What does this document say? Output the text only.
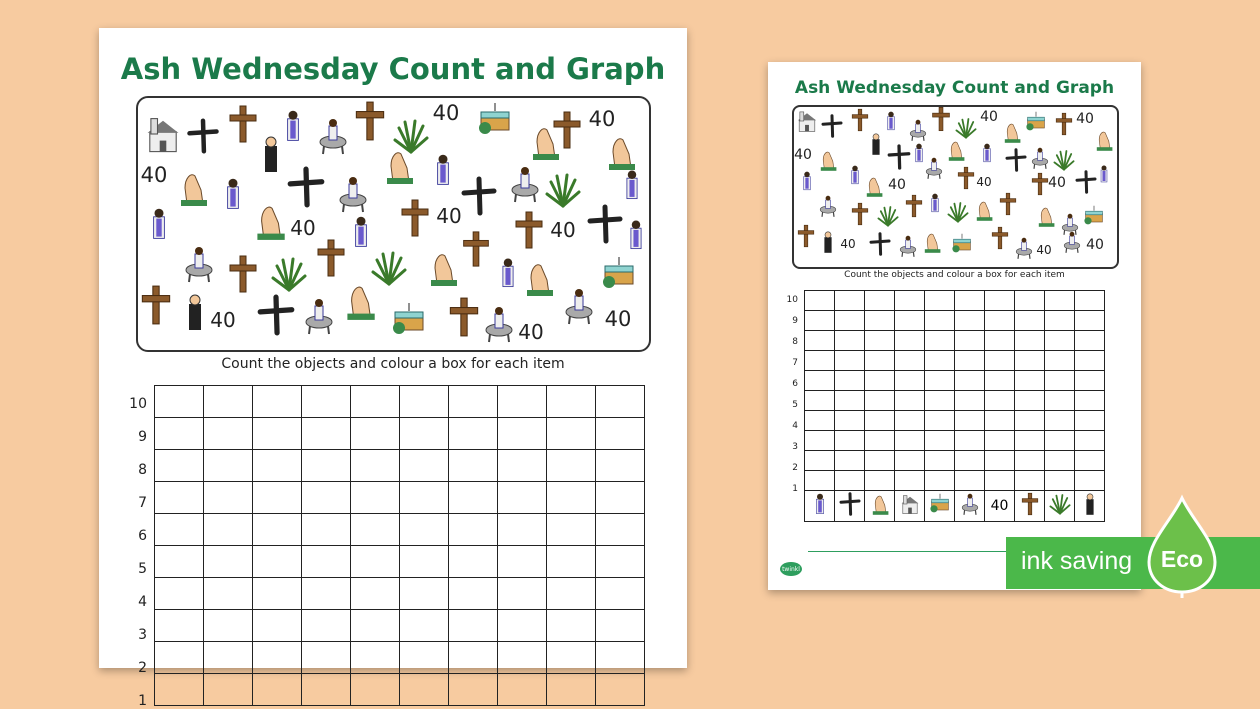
Ash Wednesday Count and Graph
Count the objects and colour a box for each item

40	40
40
40	40
40
40	40
40
10
9
8
7
6
5
4
3
2
1
Ash Wednesday Count and Graph
Count the objects and colour a box for each item

						40			
twinkl
40	40
40
40	40	40
40	40 40
10
9
8
7
6
5
4
3
2
1
ink saving	Eco
